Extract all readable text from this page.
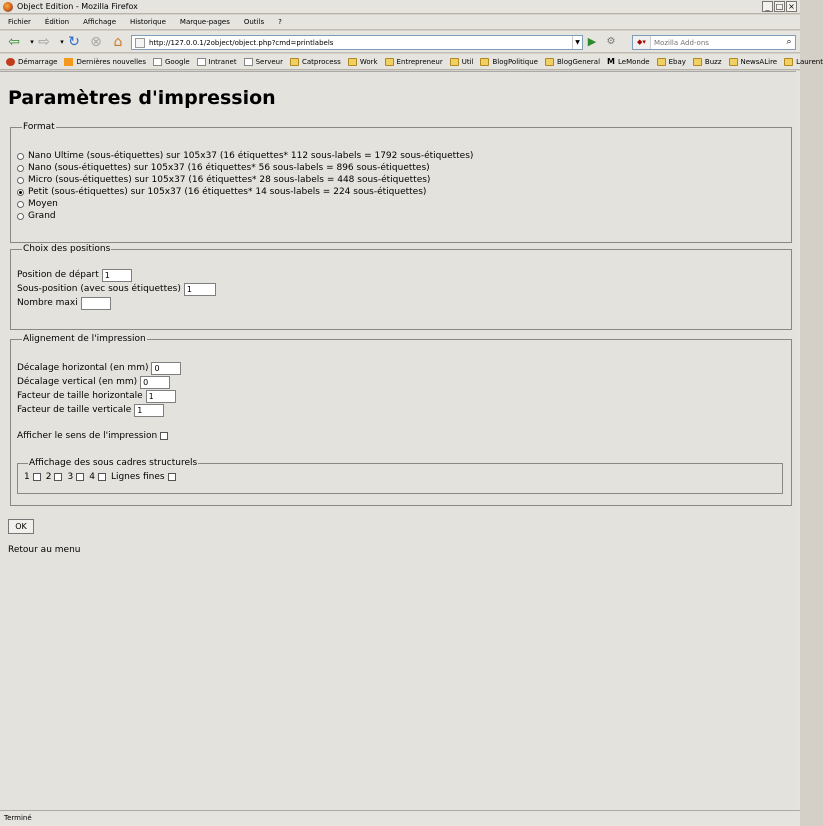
Object Edition - Mozilla Firefox	_ □ ×
Fichier Édition Affichage Historique Marque-pages Outils ?
⇦	▾ ⇨	▾ ↻ ⊗ ⌂
http://127.0.0.1/2object/object.php?cmd=printlabels	▼ ▶	⚙	◆▾
Mozilla Add-ons	⌕
Démarrage	Dernières nouvelles	Google	Intranet	Serveur	Catprocess	Work	Entrepreneur	Util	BlogPolitique	BlogGeneral M LeMonde	Ebay	Buzz	NewsALire	Laurent
Paramètres d'impression
Format
Nano Ultime (sous-étiquettes) sur 105x37 (16 étiquettes* 112 sous-labels = 1792 sous-étiquettes)
Nano (sous-étiquettes) sur 105x37 (16 étiquettes* 56 sous-labels = 896 sous-étiquettes)
Micro (sous-étiquettes) sur 105x37 (16 étiquettes* 28 sous-labels = 448 sous-étiquettes)
Petit (sous-étiquettes) sur 105x37 (16 étiquettes* 14 sous-labels = 224 sous-étiquettes)
Moyen
Grand
Choix des positions
Position de départ
1
Sous-position (avec sous étiquettes)
1
Nombre maxi
Alignement de l'impression
Décalage horizontal (en mm)
0
Décalage vertical (en mm)
0
Facteur de taille horizontale
1
Facteur de taille verticale
1
Afficher le sens de l'impression
Affichage des sous cadres structurels
1 2 3 4 Lignes fines
OK
Retour au menu
Terminé
